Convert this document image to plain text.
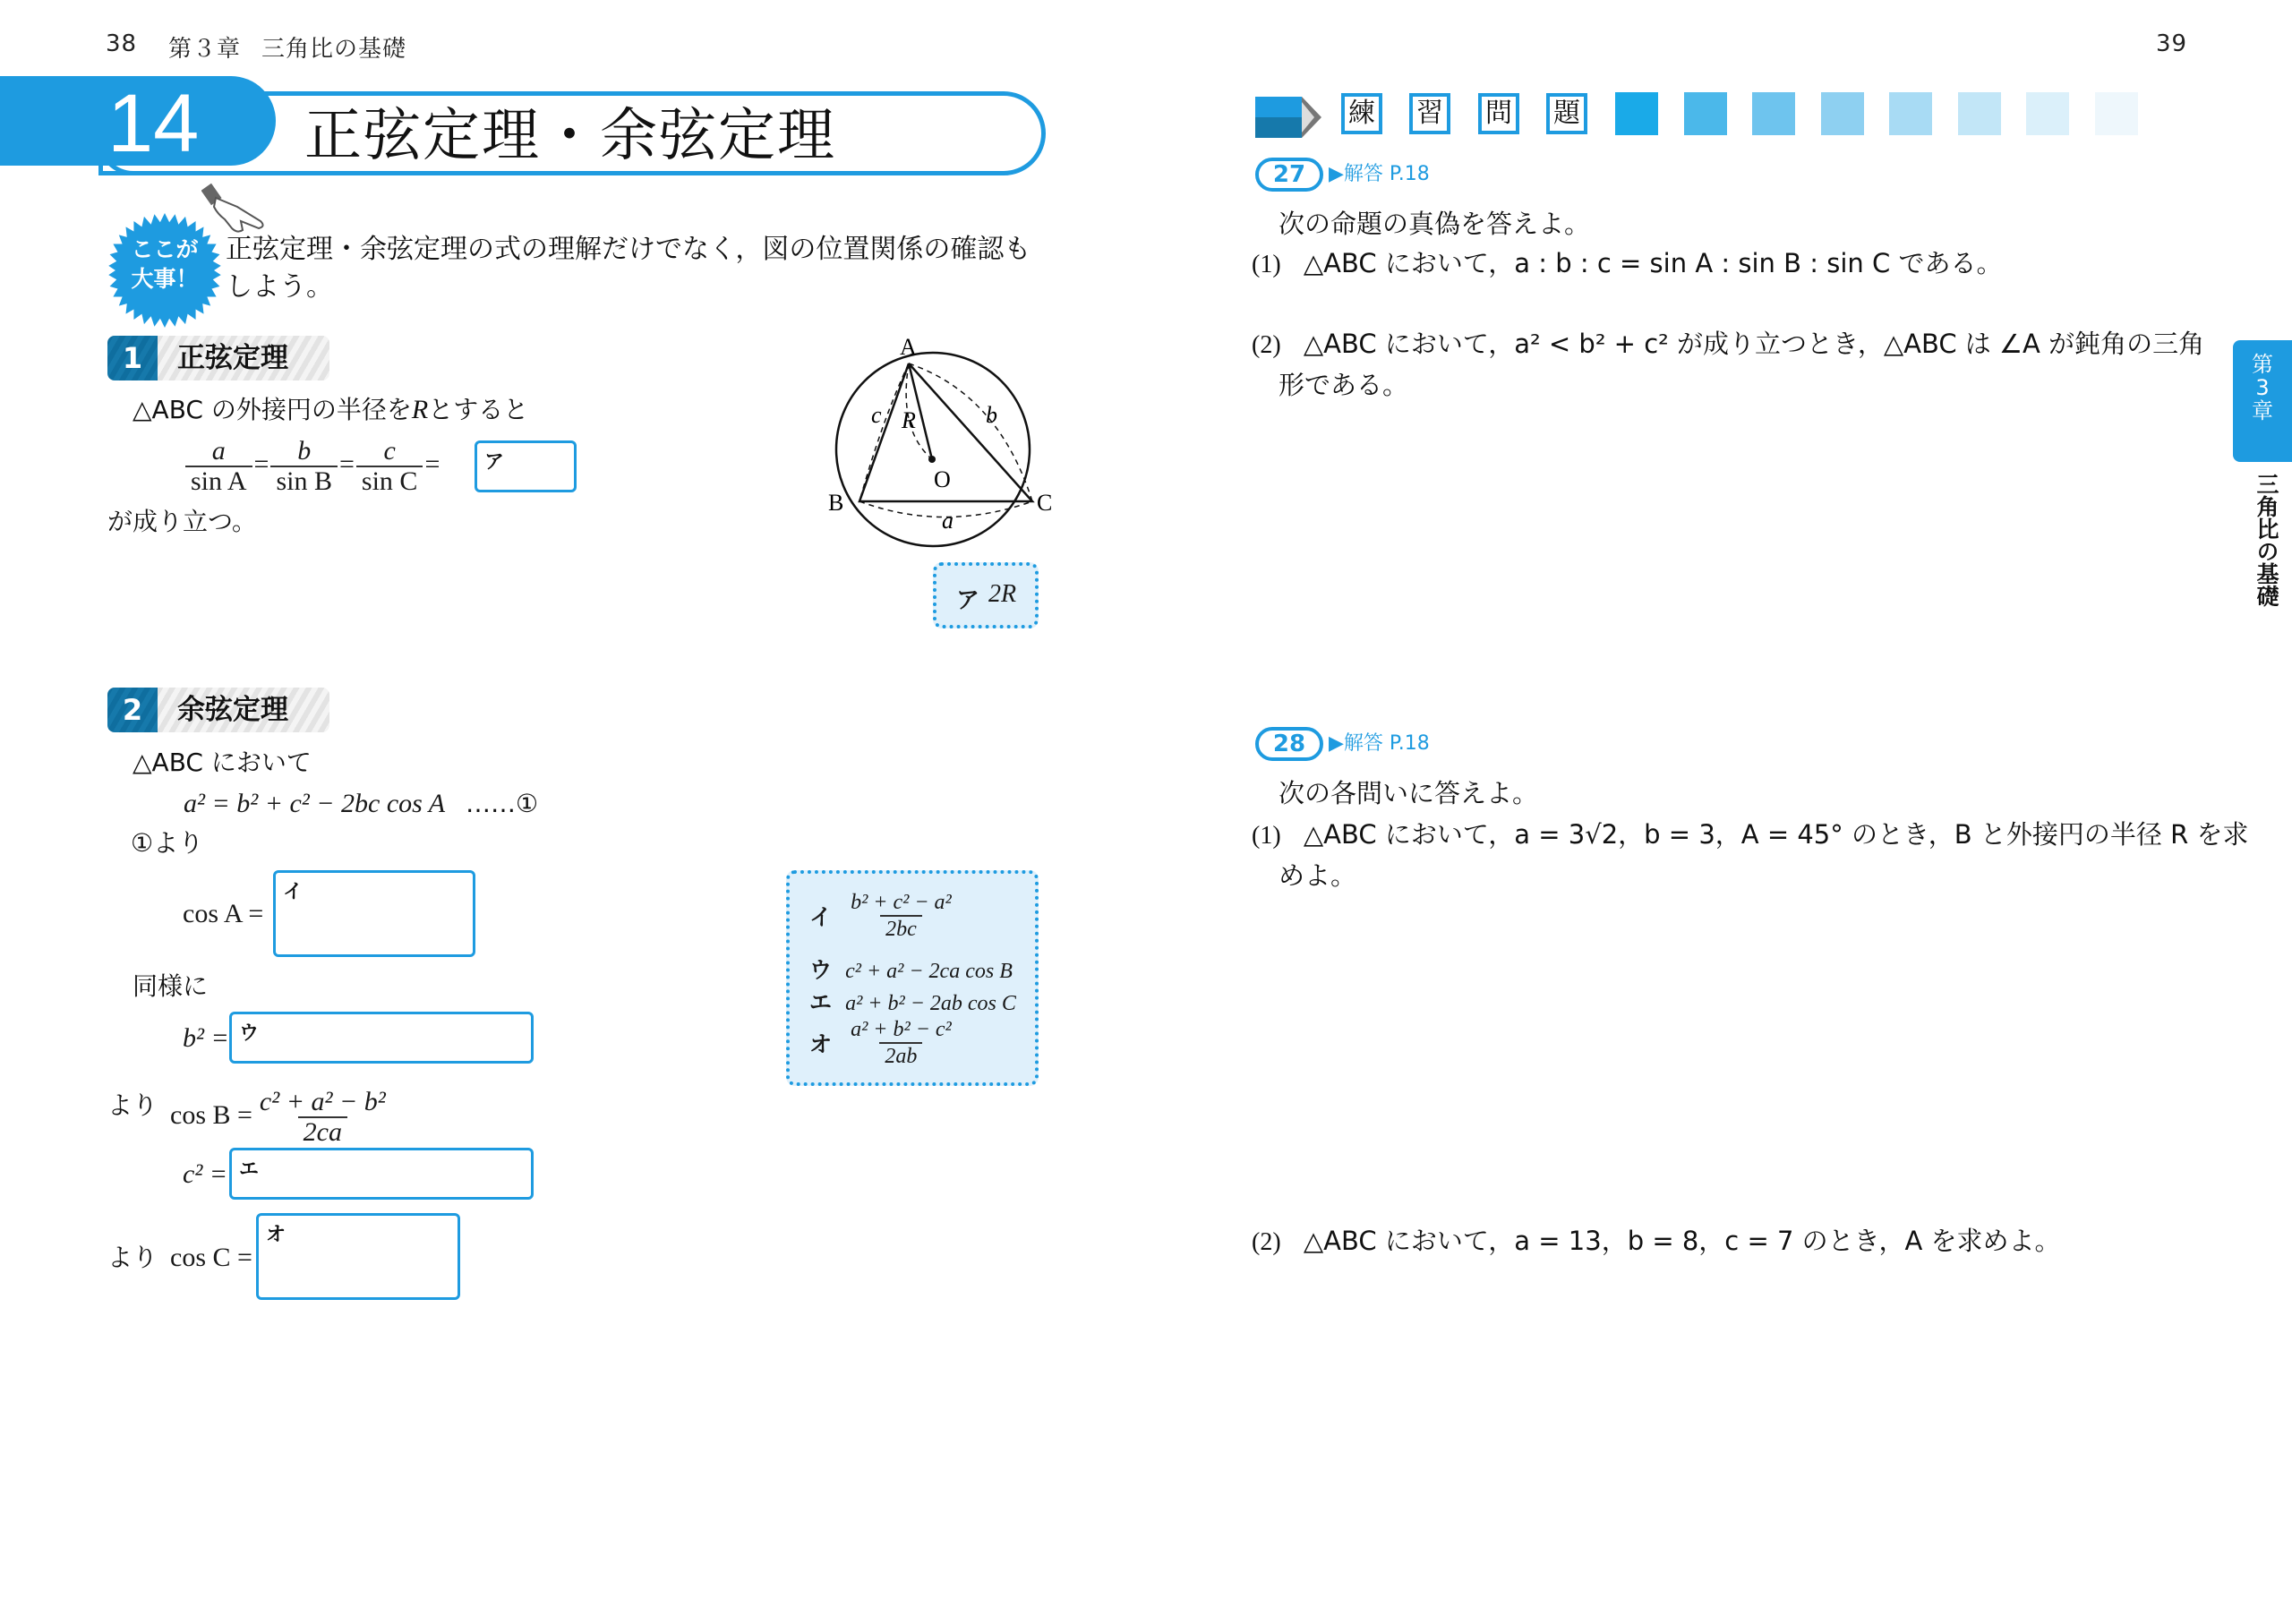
38 第３章 三角比の基礎
14 正弦定理・余弦定理
ここが
大事！
正弦定理・余弦定理の式の理解だけでなく，図の位置関係の確認も
しよう。
1	正弦定理
△ABC の外接円の半径をRとすると
$\frac{a}{\text{sin A}} = \frac{b}{\text{sin B}} = \frac{c}{\text{sin C}}$ = ア
が成り立つ。
A
B	C
O
c	b
R
a
ア 2R
2	余弦定理
△ABC において
a² = b² + c² − 2bc cos A ……①
①より
cos A =
イ
同様に
b² = ウ
より $\cos B = \frac{\text{c² + a² − b²}}{2ca}$
c² = エ
より cos C =
オ
イ $\frac{\text{b² + c² − a²}}{2bc}$
ウ c² + a² − 2ca cos B
エ a² + b² − 2ab cos C
オ $\frac{\text{a² + b² − c²}}{2ab}$
39
練 習 問 題
27	▶解答 P.18
次の命題の真偽を答えよ。
(1) △ABC において，a : b : c = sin A : sin B : sin C である。
(2) △ABC において，a² < b² + c² が成り立つとき，△ABC は ∠A が鈍角の三角
形である。
28	▶解答 P.18
次の各問いに答えよ。
(1) △ABC において，a = 3√2，b = 3，A = 45° のとき，B と外接円の半径 R を求
めよ。
(2) △ABC において，a = 13，b = 8，c = 7 のとき，A を求めよ。
第
3
章
三角比の基礎
